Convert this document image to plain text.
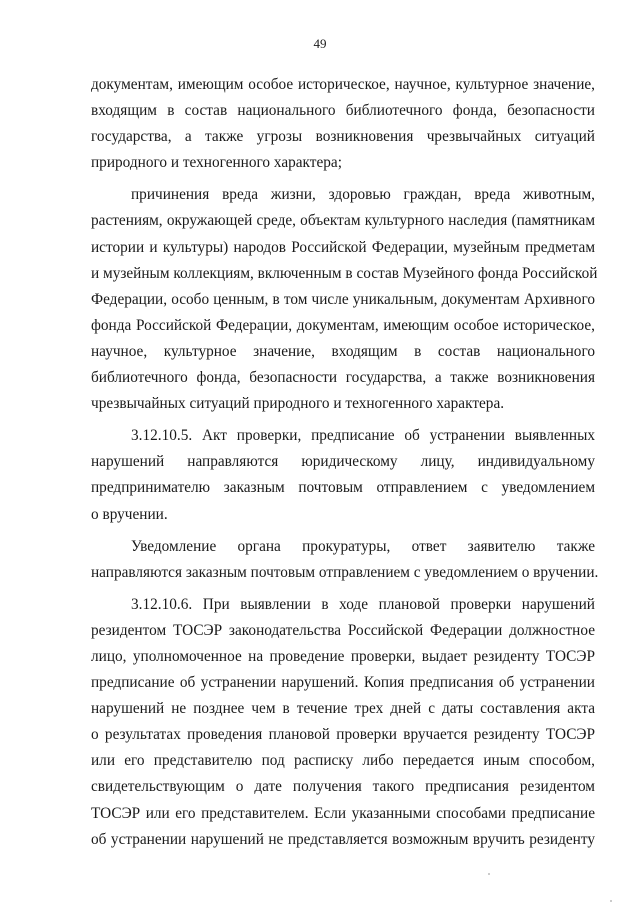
49

документам, имеющим особое историческое, научное, культурное значение,
входящим в состав национального библиотечного фонда, безопасности
государства, а также угрозы возникновения чрезвычайных ситуаций
природного и техногенного характера;

причинения вреда жизни, здоровью граждан, вреда животным,
растениям, окружающей среде, объектам культурного наследия (памятникам
истории и культуры) народов Российской Федерации, музейным предметам
и музейным коллекциям, включенным в состав Музейного фонда Российской
Федерации, особо ценным, в том числе уникальным, документам Архивного
фонда Российской Федерации, документам, имеющим особое историческое,
научное, культурное значение, входящим в состав национального
библиотечного фонда, безопасности государства, а также возникновения
чрезвычайных ситуаций природного и техногенного характера.

3.12.10.5. Акт проверки, предписание об устранении выявленных
нарушений направляются юридическому лицу, индивидуальному
предпринимателю заказным почтовым отправлением с уведомлением
о вручении.

Уведомление органа прокуратуры, ответ заявителю также
направляются заказным почтовым отправлением с уведомлением о вручении.

3.12.10.6. При выявлении в ходе плановой проверки нарушений
резидентом ТОСЭР законодательства Российской Федерации должностное
лицо, уполномоченное на проведение проверки, выдает резиденту ТОСЭР
предписание об устранении нарушений. Копия предписания об устранении
нарушений не позднее чем в течение трех дней с даты составления акта
о результатах проведения плановой проверки вручается резиденту ТОСЭР
или его представителю под расписку либо передается иным способом,
свидетельствующим о дате получения такого предписания резидентом
ТОСЭР или его представителем. Если указанными способами предписание
об устранении нарушений не представляется возможным вручить резиденту
